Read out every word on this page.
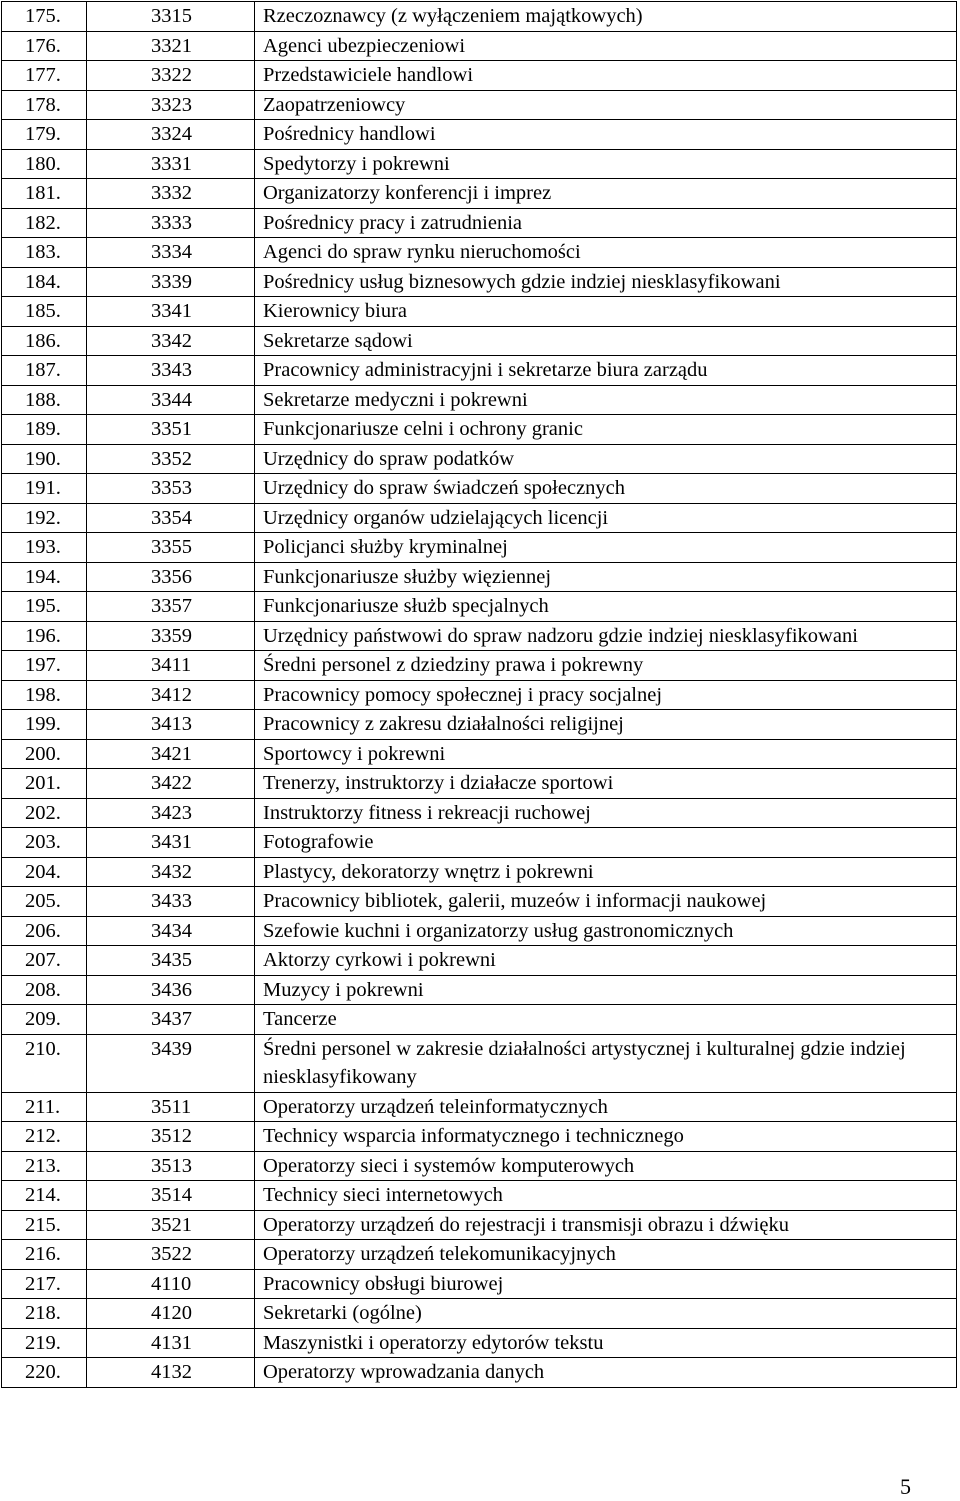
175.	3315	Rzeczoznawcy (z wyłączeniem majątkowych)
176.	3321	Agenci ubezpieczeniowi
177.	3322	Przedstawiciele handlowi
178.	3323	Zaopatrzeniowcy
179.	3324	Pośrednicy handlowi
180.	3331	Spedytorzy i pokrewni
181.	3332	Organizatorzy konferencji i imprez
182.	3333	Pośrednicy pracy i zatrudnienia
183.	3334	Agenci do spraw rynku nieruchomości
184.	3339	Pośrednicy usług biznesowych gdzie indziej niesklasyfikowani
185.	3341	Kierownicy biura
186.	3342	Sekretarze sądowi
187.	3343	Pracownicy administracyjni i sekretarze biura zarządu
188.	3344	Sekretarze medyczni i pokrewni
189.	3351	Funkcjonariusze celni i ochrony granic
190.	3352	Urzędnicy do spraw podatków
191.	3353	Urzędnicy do spraw świadczeń społecznych
192.	3354	Urzędnicy organów udzielających licencji
193.	3355	Policjanci służby kryminalnej
194.	3356	Funkcjonariusze służby więziennej
195.	3357	Funkcjonariusze służb specjalnych
196.	3359	Urzędnicy państwowi do spraw nadzoru gdzie indziej niesklasyfikowani
197.	3411	Średni personel z dziedziny prawa i pokrewny
198.	3412	Pracownicy pomocy społecznej i pracy socjalnej
199.	3413	Pracownicy z zakresu działalności religijnej
200.	3421	Sportowcy i pokrewni
201.	3422	Trenerzy, instruktorzy i działacze sportowi
202.	3423	Instruktorzy fitness i rekreacji ruchowej
203.	3431	Fotografowie
204.	3432	Plastycy, dekoratorzy wnętrz i pokrewni
205.	3433	Pracownicy bibliotek, galerii, muzeów i informacji naukowej
206.	3434	Szefowie kuchni i organizatorzy usług gastronomicznych
207.	3435	Aktorzy cyrkowi i pokrewni
208.	3436	Muzycy i pokrewni
209.	3437	Tancerze
210.	3439	Średni personel w zakresie działalności artystycznej i kulturalnej gdzie indziej niesklasyfikowany
211.	3511	Operatorzy urządzeń teleinformatycznych
212.	3512	Technicy wsparcia informatycznego i technicznego
213.	3513	Operatorzy sieci i systemów komputerowych
214.	3514	Technicy sieci internetowych
215.	3521	Operatorzy urządzeń do rejestracji i transmisji obrazu i dźwięku
216.	3522	Operatorzy urządzeń telekomunikacyjnych
217.	4110	Pracownicy obsługi biurowej
218.	4120	Sekretarki (ogólne)
219.	4131	Maszynistki i operatorzy edytorów tekstu
220.	4132	Operatorzy wprowadzania danych
5
